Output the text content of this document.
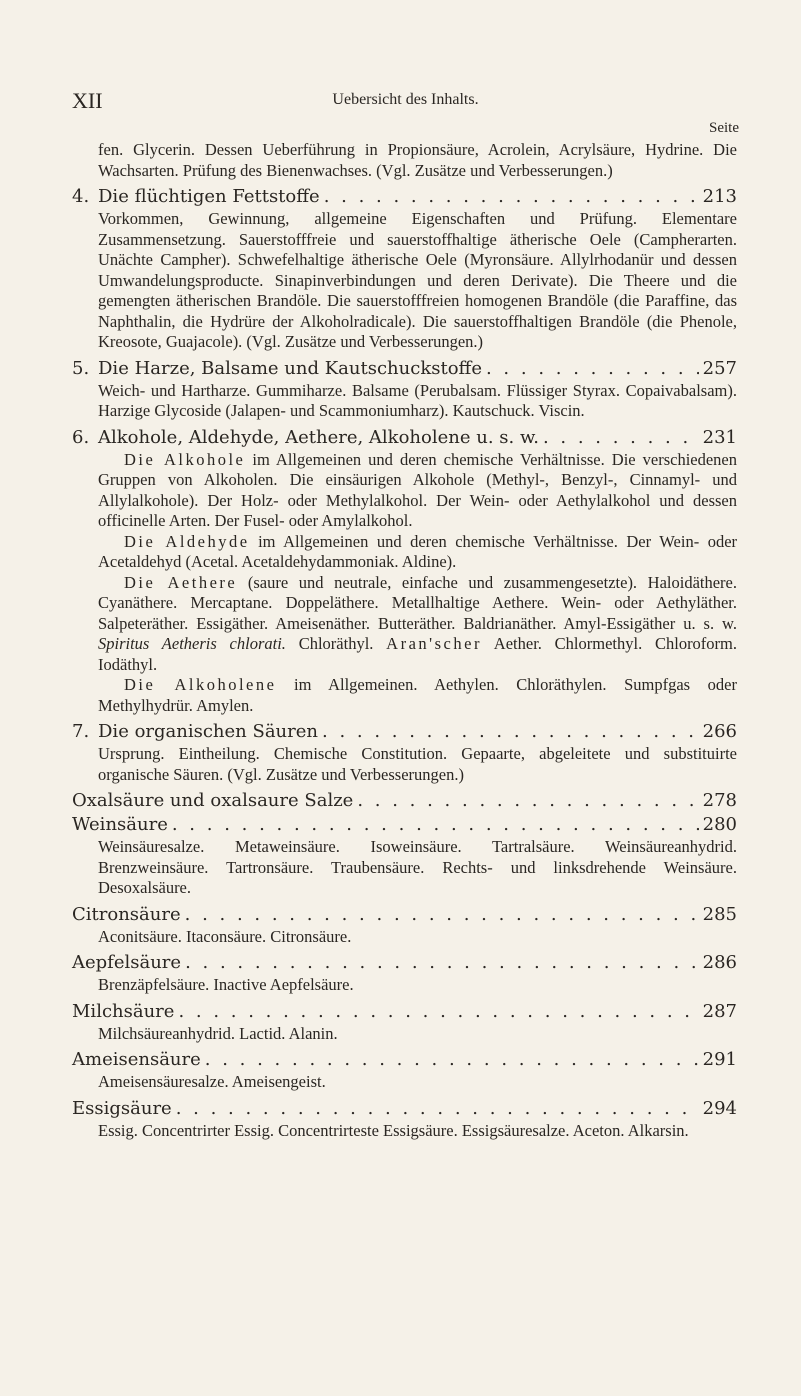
XII	Uebersicht des Inhalts.
Seite

fen. Glycerin. Dessen Ueberführung in Propionsäure, Acrolein, Acrylsäure, Hydrine. Die Wachsarten. Prüfung des Bienenwachses. (Vgl. Zusätze und Verbesserungen.)

4. Die flüchtigen Fettstoffe . . .	213

Vorkommen, Gewinnung, allgemeine Eigenschaften und Prüfung. Elementare Zusammensetzung. Sauerstofffreie und sauerstoffhaltige ätherische Oele (Campherarten. Unächte Campher). Schwefelhaltige ätherische Oele (Myronsäure. Allylrhodanür und dessen Umwandelungsproducte. Sinapinverbindungen und deren Derivate). Die Theere und die gemengten ätherischen Brandöle. Die sauerstofffreien homogenen Brandöle (die Paraffine, das Naphthalin, die Hydrüre der Alkoholradicale). Die sauerstoffhaltigen Brandöle (die Phenole, Kreosote, Guajacole). (Vgl. Zusätze und Verbesserungen.)

5. Die Harze, Balsame und Kautschuckstoffe . . .	257

Weich- und Hartharze. Gummiharze. Balsame (Perubalsam. Flüssiger Styrax. Copaivabalsam). Harzige Glycoside (Jalapen- und Scammoniumharz). Kautschuck. Viscin.

6. Alkohole, Aldehyde, Aethere, Alkoholene u. s. w. . . .	231

Die Alkohole im Allgemeinen und deren chemische Verhältnisse. Die verschiedenen Gruppen von Alkoholen. Die einsäurigen Alkohole (Methyl-, Benzyl-, Cinnamyl- und Allylalkohole). Der Holz- oder Methylalkohol. Der Wein- oder Aethylalkohol und dessen officinelle Arten. Der Fusel- oder Amylalkohol.

Die Aldehyde im Allgemeinen und deren chemische Verhältnisse. Der Wein- oder Acetaldehyd (Acetal. Acetaldehydammoniak. Aldine).

Die Aethere (saure und neutrale, einfache und zusammengesetzte). Haloidäthere. Cyanäthere. Mercaptane. Doppeläthere. Metallhaltige Aethere. Wein- oder Aethyläther. Salpeteräther. Essigäther. Ameisenäther. Butteräther. Baldrianäther. Amyl-Essigäther u. s. w. Spiritus Aetheris chlorati. Chloräthyl. Aran'scher Aether. Chlormethyl. Chloroform. Iodäthyl.

Die Alkoholene im Allgemeinen. Aethylen. Chloräthylen. Sumpfgas oder Methylhydrür. Amylen.

7. Die organischen Säuren . . .	266

Ursprung. Eintheilung. Chemische Constitution. Gepaarte, abgeleitete und substituirte organische Säuren. (Vgl. Zusätze und Verbesserungen.)

Oxalsäure und oxalsaure Salze . . .	278
Weinsäure . . .	280

Weinsäuresalze. Metaweinsäure. Isoweinsäure. Tartralsäure. Weinsäureanhydrid. Brenzweinsäure. Tartronsäure. Traubensäure. Rechts- und linksdrehende Weinsäure. Desoxalsäure.

Citronsäure . . .	285

Aconitsäure. Itaconsäure. Citronsäure.

Aepfelsäure . . .	286

Brenzäpfelsäure. Inactive Aepfelsäure.

Milchsäure . . .	287

Milchsäureanhydrid. Lactid. Alanin.

Ameisensäure . . .	291

Ameisensäuresalze. Ameisengeist.

Essigsäure . . .	294

Essig. Concentrirter Essig. Concentrirteste Essigsäure. Essigsäuresalze. Aceton. Alkarsin.
